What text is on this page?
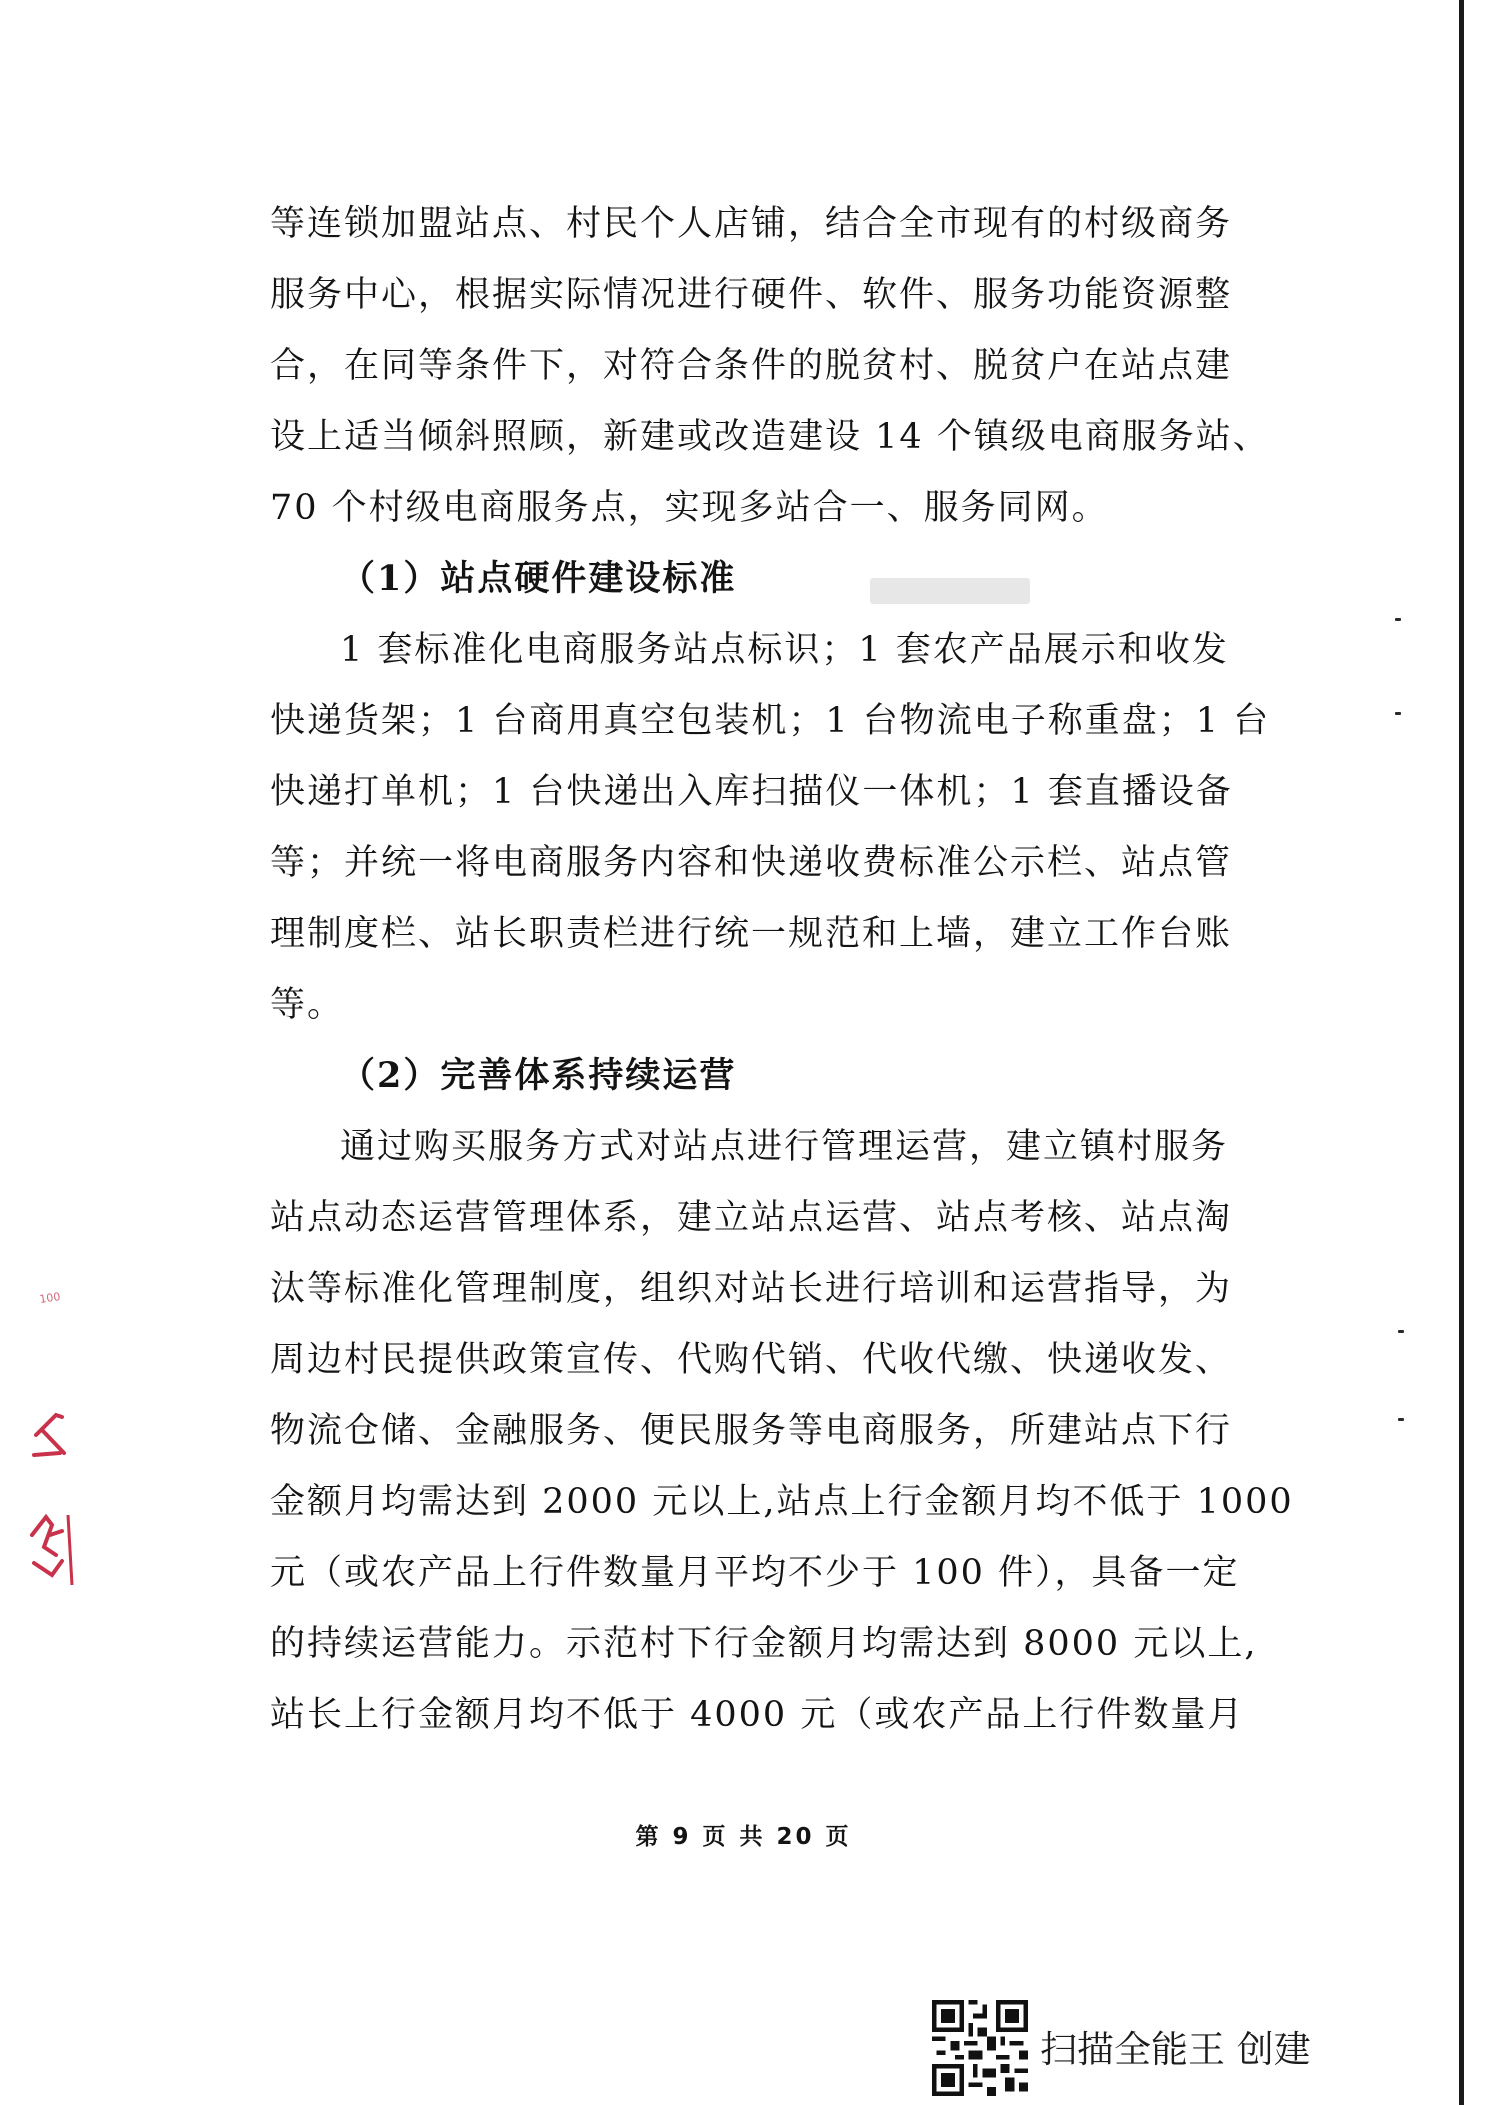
100
等连锁加盟站点、村民个人店铺，结合全市现有的村级商务
服务中心，根据实际情况进行硬件、软件、服务功能资源整
合，在同等条件下，对符合条件的脱贫村、脱贫户在站点建
设上适当倾斜照顾，新建或改造建设 14 个镇级电商服务站、
70 个村级电商服务点，实现多站合一、服务同网。
（1）站点硬件建设标准
1 套标准化电商服务站点标识；1 套农产品展示和收发
快递货架；1 台商用真空包装机；1 台物流电子称重盘；1 台
快递打单机；1 台快递出入库扫描仪一体机；1 套直播设备
等；并统一将电商服务内容和快递收费标准公示栏、站点管
理制度栏、站长职责栏进行统一规范和上墙，建立工作台账
等。
（2）完善体系持续运营
通过购买服务方式对站点进行管理运营，建立镇村服务
站点动态运营管理体系，建立站点运营、站点考核、站点淘
汰等标准化管理制度，组织对站长进行培训和运营指导，为
周边村民提供政策宣传、代购代销、代收代缴、快递收发、
物流仓储、金融服务、便民服务等电商服务，所建站点下行
金额月均需达到 2000 元以上,站点上行金额月均不低于 1000
元（或农产品上行件数量月平均不少于 100 件），具备一定
的持续运营能力。示范村下行金额月均需达到 8000 元以上,
站长上行金额月均不低于 4000 元（或农产品上行件数量月
第 9 页 共 20 页
扫描全能王 创建
